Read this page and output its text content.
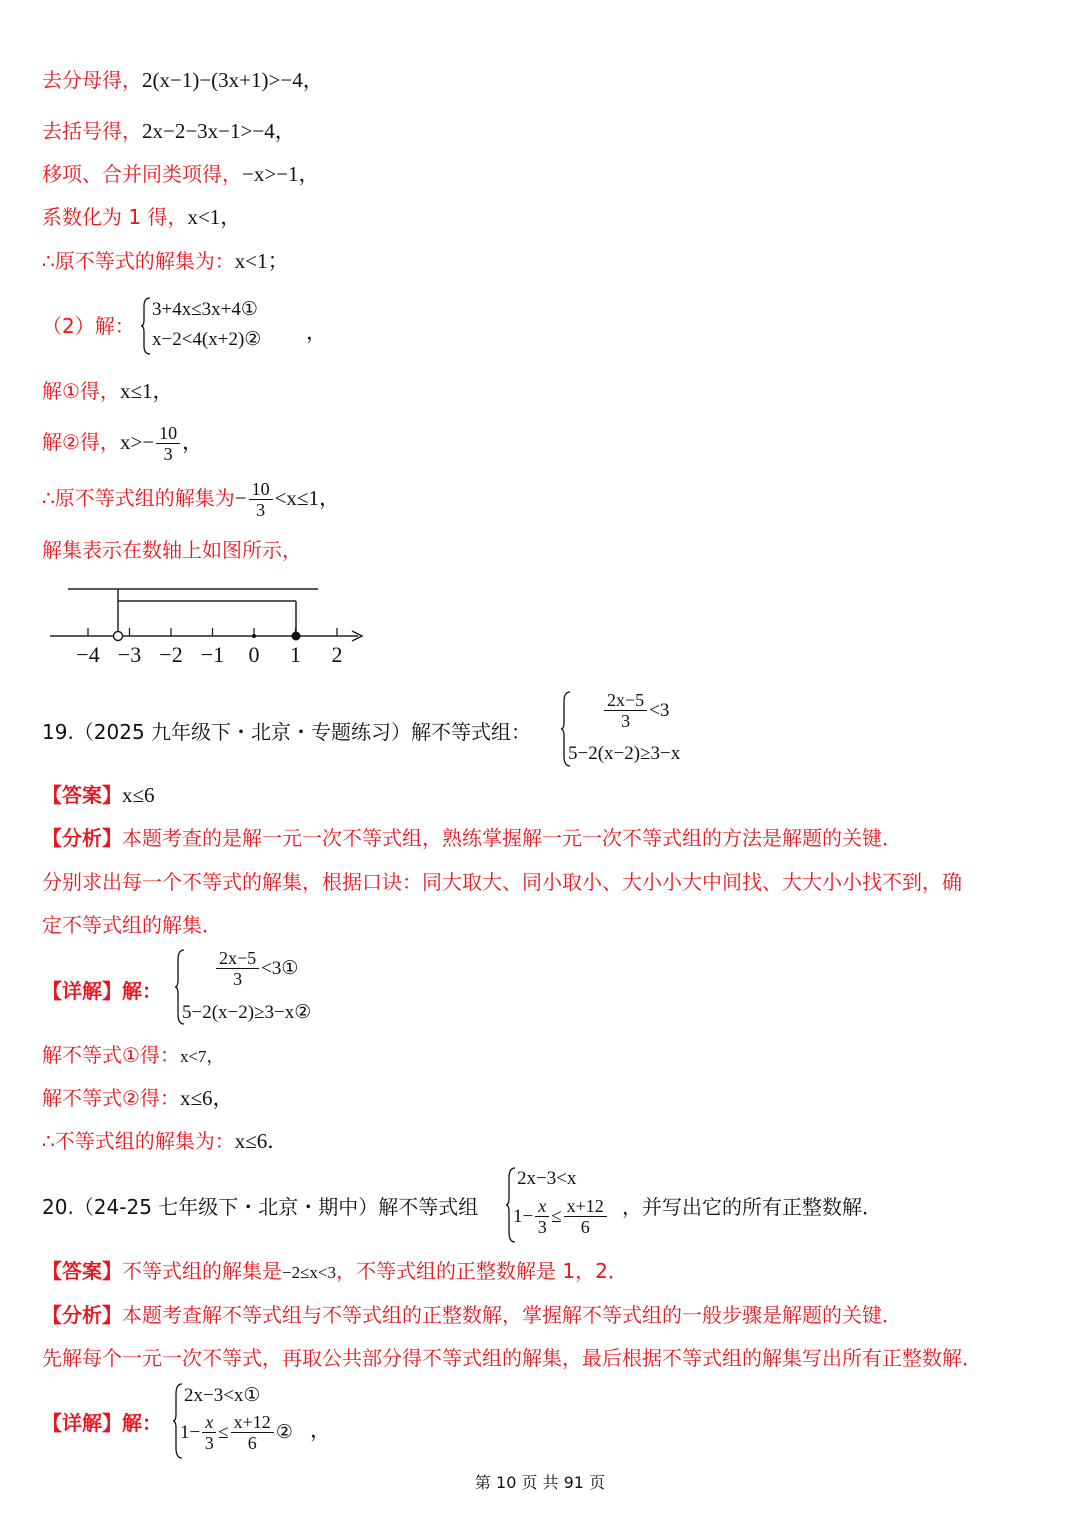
去分母得，2(x−1)−(3x+1)>−4，
去括号得，2x−2−3x−1>−4，
移项、合并同类项得，−x>−1，
系数化为 1 得，x<1，
∴原不等式的解集为：x<1；
（2）解：
3+4x≤3x+4①
x−2<4(x+2)② ，
解①得，x≤1，
解②得，$x>- \frac{10}{3}$ ，
∴原不等式组的解集为− $\frac{10}{3} <x\le 1$，
解集表示在数轴上如图所示，
−4 −3 −2 −1 0 1 2
19.（2025 九年级下・北京・专题练习）解不等式组：
$\frac{2x-5}{3} <3$
5−2(x−2)≥3−x
【答案】x≤6
【分析】本题考查的是解一元一次不等式组，熟练掌握解一元一次不等式组的方法是解题的关键．
分别求出每一个不等式的解集，根据口诀：同大取大、同小取小、大小小大中间找、大大小小找不到，确
定不等式组的解集．
【详解】解：
$\frac{2x-5}{3}$ <3①
5−2(x−2)≥3−x②
解不等式①得：x<7，
解不等式②得：x≤6，
∴不等式组的解集为：x≤6．
20.（24-25 七年级下・北京・期中）解不等式组
2x−3<x
$1- \frac{x}{3} \le \frac{x+12}{6}$ ，并写出它的所有正整数解．
【答案】不等式组的解集是−2≤x<3，不等式组的正整数解是 1，2．
【分析】本题考查解不等式组与不等式组的正整数解，掌握解不等式组的一般步骤是解题的关键．
先解每个一元一次不等式，再取公共部分得不等式组的解集，最后根据不等式组的解集写出所有正整数解．
【详解】解：
2x−3<x①
$1- \frac{x}{3} \le \frac{x+12}{6}$ ② ，
第 10 页 共 91 页
